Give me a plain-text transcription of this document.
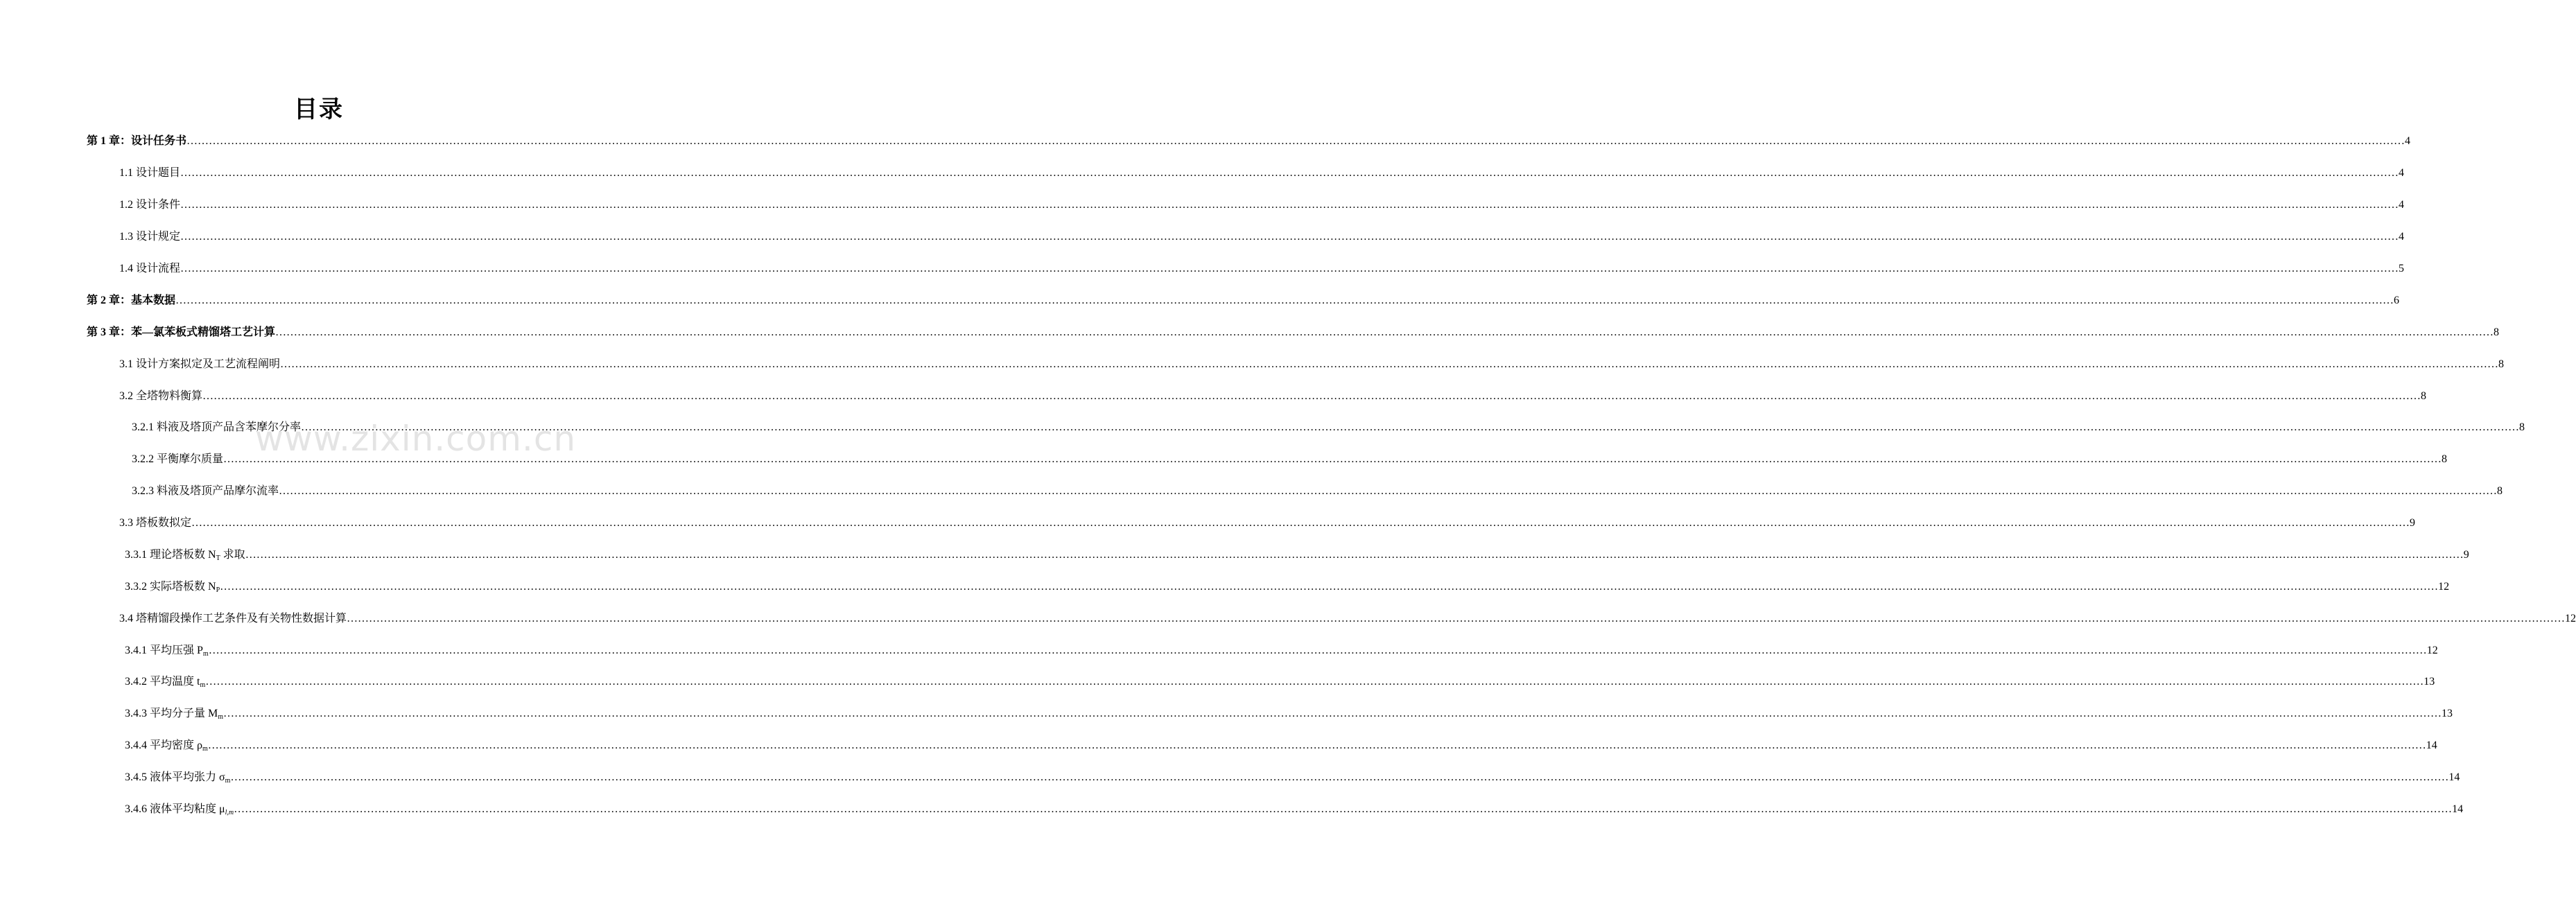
www.zixin.com.cn
目录
第 1 章：设计任务书 …………………………………………………………………………………………………………………………………………………………………………………………………………………………………………………………………………………………………………………………………………………………………………………………………………………………………………………………………………………………………………………………………………………… 4
1.1 设计题目 …………………………………………………………………………………………………………………………………………………………………………………………………………………………………………………………………………………………………………………………………………………………………………………………………………………………………………………………………………………………………………………………………………………… 4
1.2 设计条件 …………………………………………………………………………………………………………………………………………………………………………………………………………………………………………………………………………………………………………………………………………………………………………………………………………………………………………………………………………………………………………………………………………………… 4
1.3 设计规定 …………………………………………………………………………………………………………………………………………………………………………………………………………………………………………………………………………………………………………………………………………………………………………………………………………………………………………………………………………………………………………………………………………………… 4
1.4 设计流程 …………………………………………………………………………………………………………………………………………………………………………………………………………………………………………………………………………………………………………………………………………………………………………………………………………………………………………………………………………………………………………………………………………………… 5
第 2 章：基本数据 …………………………………………………………………………………………………………………………………………………………………………………………………………………………………………………………………………………………………………………………………………………………………………………………………………………………………………………………………………………………………………………………………………………… 6
第 3 章：苯—氯苯板式精馏塔工艺计算 …………………………………………………………………………………………………………………………………………………………………………………………………………………………………………………………………………………………………………………………………………………………………………………………………………………………………………………………………………………………………………………………………………………… 8
3.1 设计方案拟定及工艺流程阐明 …………………………………………………………………………………………………………………………………………………………………………………………………………………………………………………………………………………………………………………………………………………………………………………………………………………………………………………………………………………………………………………………………………………… 8
3.2 全塔物料衡算 …………………………………………………………………………………………………………………………………………………………………………………………………………………………………………………………………………………………………………………………………………………………………………………………………………………………………………………………………………………………………………………………………………………… 8
3.2.1 料液及塔顶产品含苯摩尔分率 …………………………………………………………………………………………………………………………………………………………………………………………………………………………………………………………………………………………………………………………………………………………………………………………………………………………………………………………………………………………………………………………………………………… 8
3.2.2 平衡摩尔质量 …………………………………………………………………………………………………………………………………………………………………………………………………………………………………………………………………………………………………………………………………………………………………………………………………………………………………………………………………………………………………………………………………………………… 8
3.2.3 料液及塔顶产品摩尔流率 …………………………………………………………………………………………………………………………………………………………………………………………………………………………………………………………………………………………………………………………………………………………………………………………………………………………………………………………………………………………………………………………………………………… 8
3.3 塔板数拟定 …………………………………………………………………………………………………………………………………………………………………………………………………………………………………………………………………………………………………………………………………………………………………………………………………………………………………………………………………………………………………………………………………………………… 9
3.3.1 理论塔板数 $N_T$ 求取 …………………………………………………………………………………………………………………………………………………………………………………………………………………………………………………………………………………………………………………………………………………………………………………………………………………………………………………………………………………………………………………………………………………… 9
3.3.2 实际塔板数 $N_P$ …………………………………………………………………………………………………………………………………………………………………………………………………………………………………………………………………………………………………………………………………………………………………………………………………………………………………………………………………………………………………………………………………………………… 12
3.4 塔精馏段操作工艺条件及有关物性数据计算 …………………………………………………………………………………………………………………………………………………………………………………………………………………………………………………………………………………………………………………………………………………………………………………………………………………………………………………………………………………………………………………………………………………… 12
3.4.1 平均压强 $P_m$ …………………………………………………………………………………………………………………………………………………………………………………………………………………………………………………………………………………………………………………………………………………………………………………………………………………………………………………………………………………………………………………………………………………… 12
3.4.2 平均温度 $t_m$ …………………………………………………………………………………………………………………………………………………………………………………………………………………………………………………………………………………………………………………………………………………………………………………………………………………………………………………………………………………………………………………………………………………… 13
3.4.3 平均分子量 $M_m$ …………………………………………………………………………………………………………………………………………………………………………………………………………………………………………………………………………………………………………………………………………………………………………………………………………………………………………………………………………………………………………………………………………………… 13
3.4.4 平均密度 $\rho_m$ …………………………………………………………………………………………………………………………………………………………………………………………………………………………………………………………………………………………………………………………………………………………………………………………………………………………………………………………………………………………………………………………………………………… 14
3.4.5 液体平均张力 $\sigma_m$ …………………………………………………………………………………………………………………………………………………………………………………………………………………………………………………………………………………………………………………………………………………………………………………………………………………………………………………………………………………………………………………………………………………… 14
3.4.6 液体平均粘度 $\mu_{l,m}$ …………………………………………………………………………………………………………………………………………………………………………………………………………………………………………………………………………………………………………………………………………………………………………………………………………………………………………………………………………………………………………………………………………………… 14
